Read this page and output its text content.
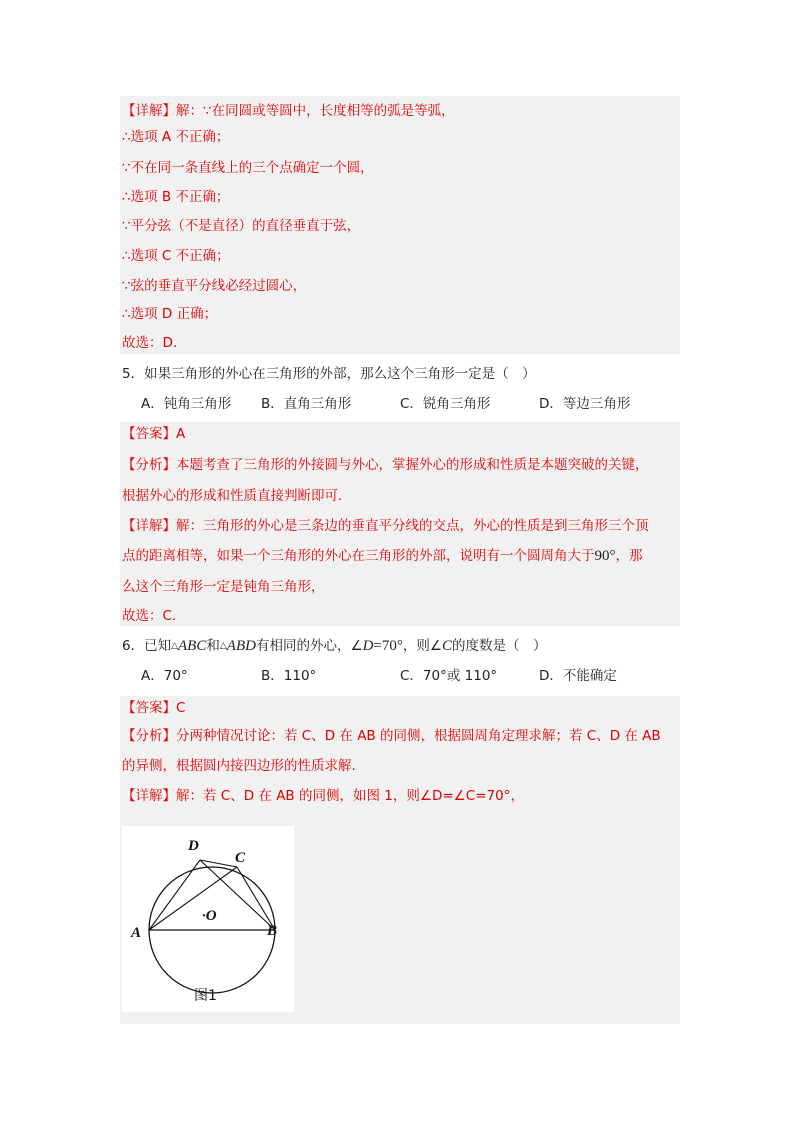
【详解】解：∵在同圆或等圆中，长度相等的弧是等弧，
∴选项 A 不正确；
∵不在同一条直线上的三个点确定一个圆，
∴选项 B 不正确；
∵平分弦（不是直径）的直径垂直于弦，
∴选项 C 不正确；
∵弦的垂直平分线必经过圆心，
∴选项 D 正确；
故选：D.
5．如果三角形的外心在三角形的外部，那么这个三角形一定是（　）
A．钝角三角形 B．直角三角形	C．锐角三角形	D．等边三角形
【答案】A
【分析】本题考查了三角形的外接圆与外心，掌握外心的形成和性质是本题突破的关键，
根据外心的形成和性质直接判断即可.
【详解】解：三角形的外心是三条边的垂直平分线的交点，外心的性质是到三角形三个顶
点的距离相等，如果一个三角形的外心在三角形的外部，说明有一个圆周角大于90°，那
么这个三角形一定是钝角三角形，
故选：C.
6．已知△ABC和△ABD有相同的外心，∠D=70°，则∠C的度数是（　）
A．70°	B．110°	C．70°或 110°	D．不能确定
【答案】C
【分析】分两种情况讨论：若 C、D 在 AB 的同侧，根据圆周角定理求解；若 C、D 在 AB
的异侧，根据圆内接四边形的性质求解.
【详解】解：若 C、D 在 AB 的同侧，如图 1，则∠D=∠C=70°，
D
C
A	B
·O
图1
